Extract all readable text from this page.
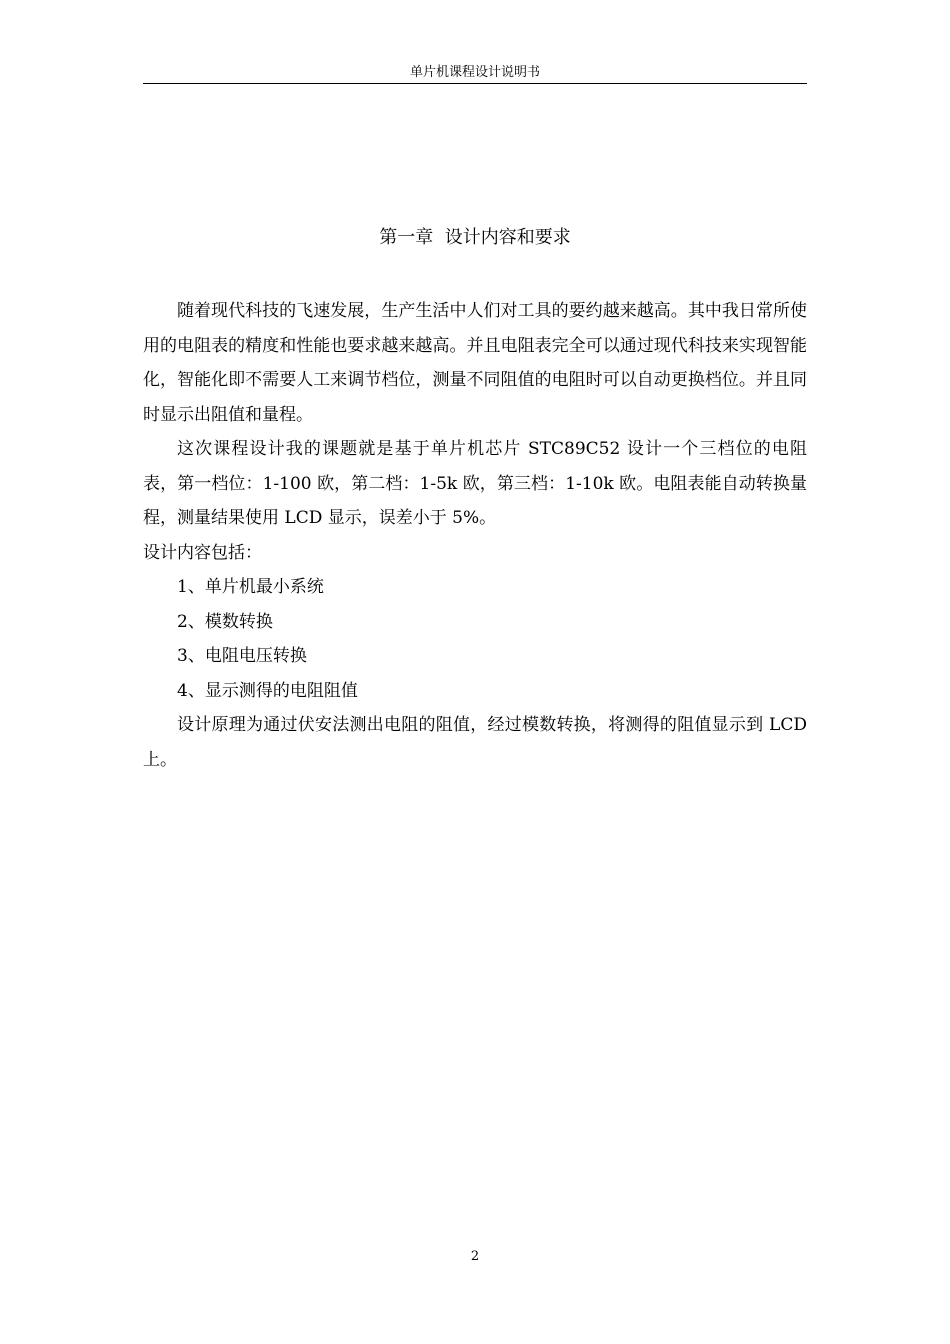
单片机课程设计说明书
第一章  设计内容和要求

随着现代科技的飞速发展，生产生活中人们对工具的要约越来越高。其中我日常所使用的电阻表的精度和性能也要求越来越高。并且电阻表完全可以通过现代科技来实现智能化，智能化即不需要人工来调节档位，测量不同阻值的电阻时可以自动更换档位。并且同时显示出阻值和量程。

这次课程设计我的课题就是基于单片机芯片 STC89C52 设计一个三档位的电阻表，第一档位：1-100 欧，第二档：1-5k 欧，第三档：1-10k 欧。电阻表能自动转换量程，测量结果使用 LCD 显示，误差小于 5%。

设计内容包括：

1、单片机最小系统

2、模数转换

3、电阻电压转换

4、显示测得的电阻阻值

设计原理为通过伏安法测出电阻的阻值，经过模数转换，将测得的阻值显示到 LCD 上。

2
